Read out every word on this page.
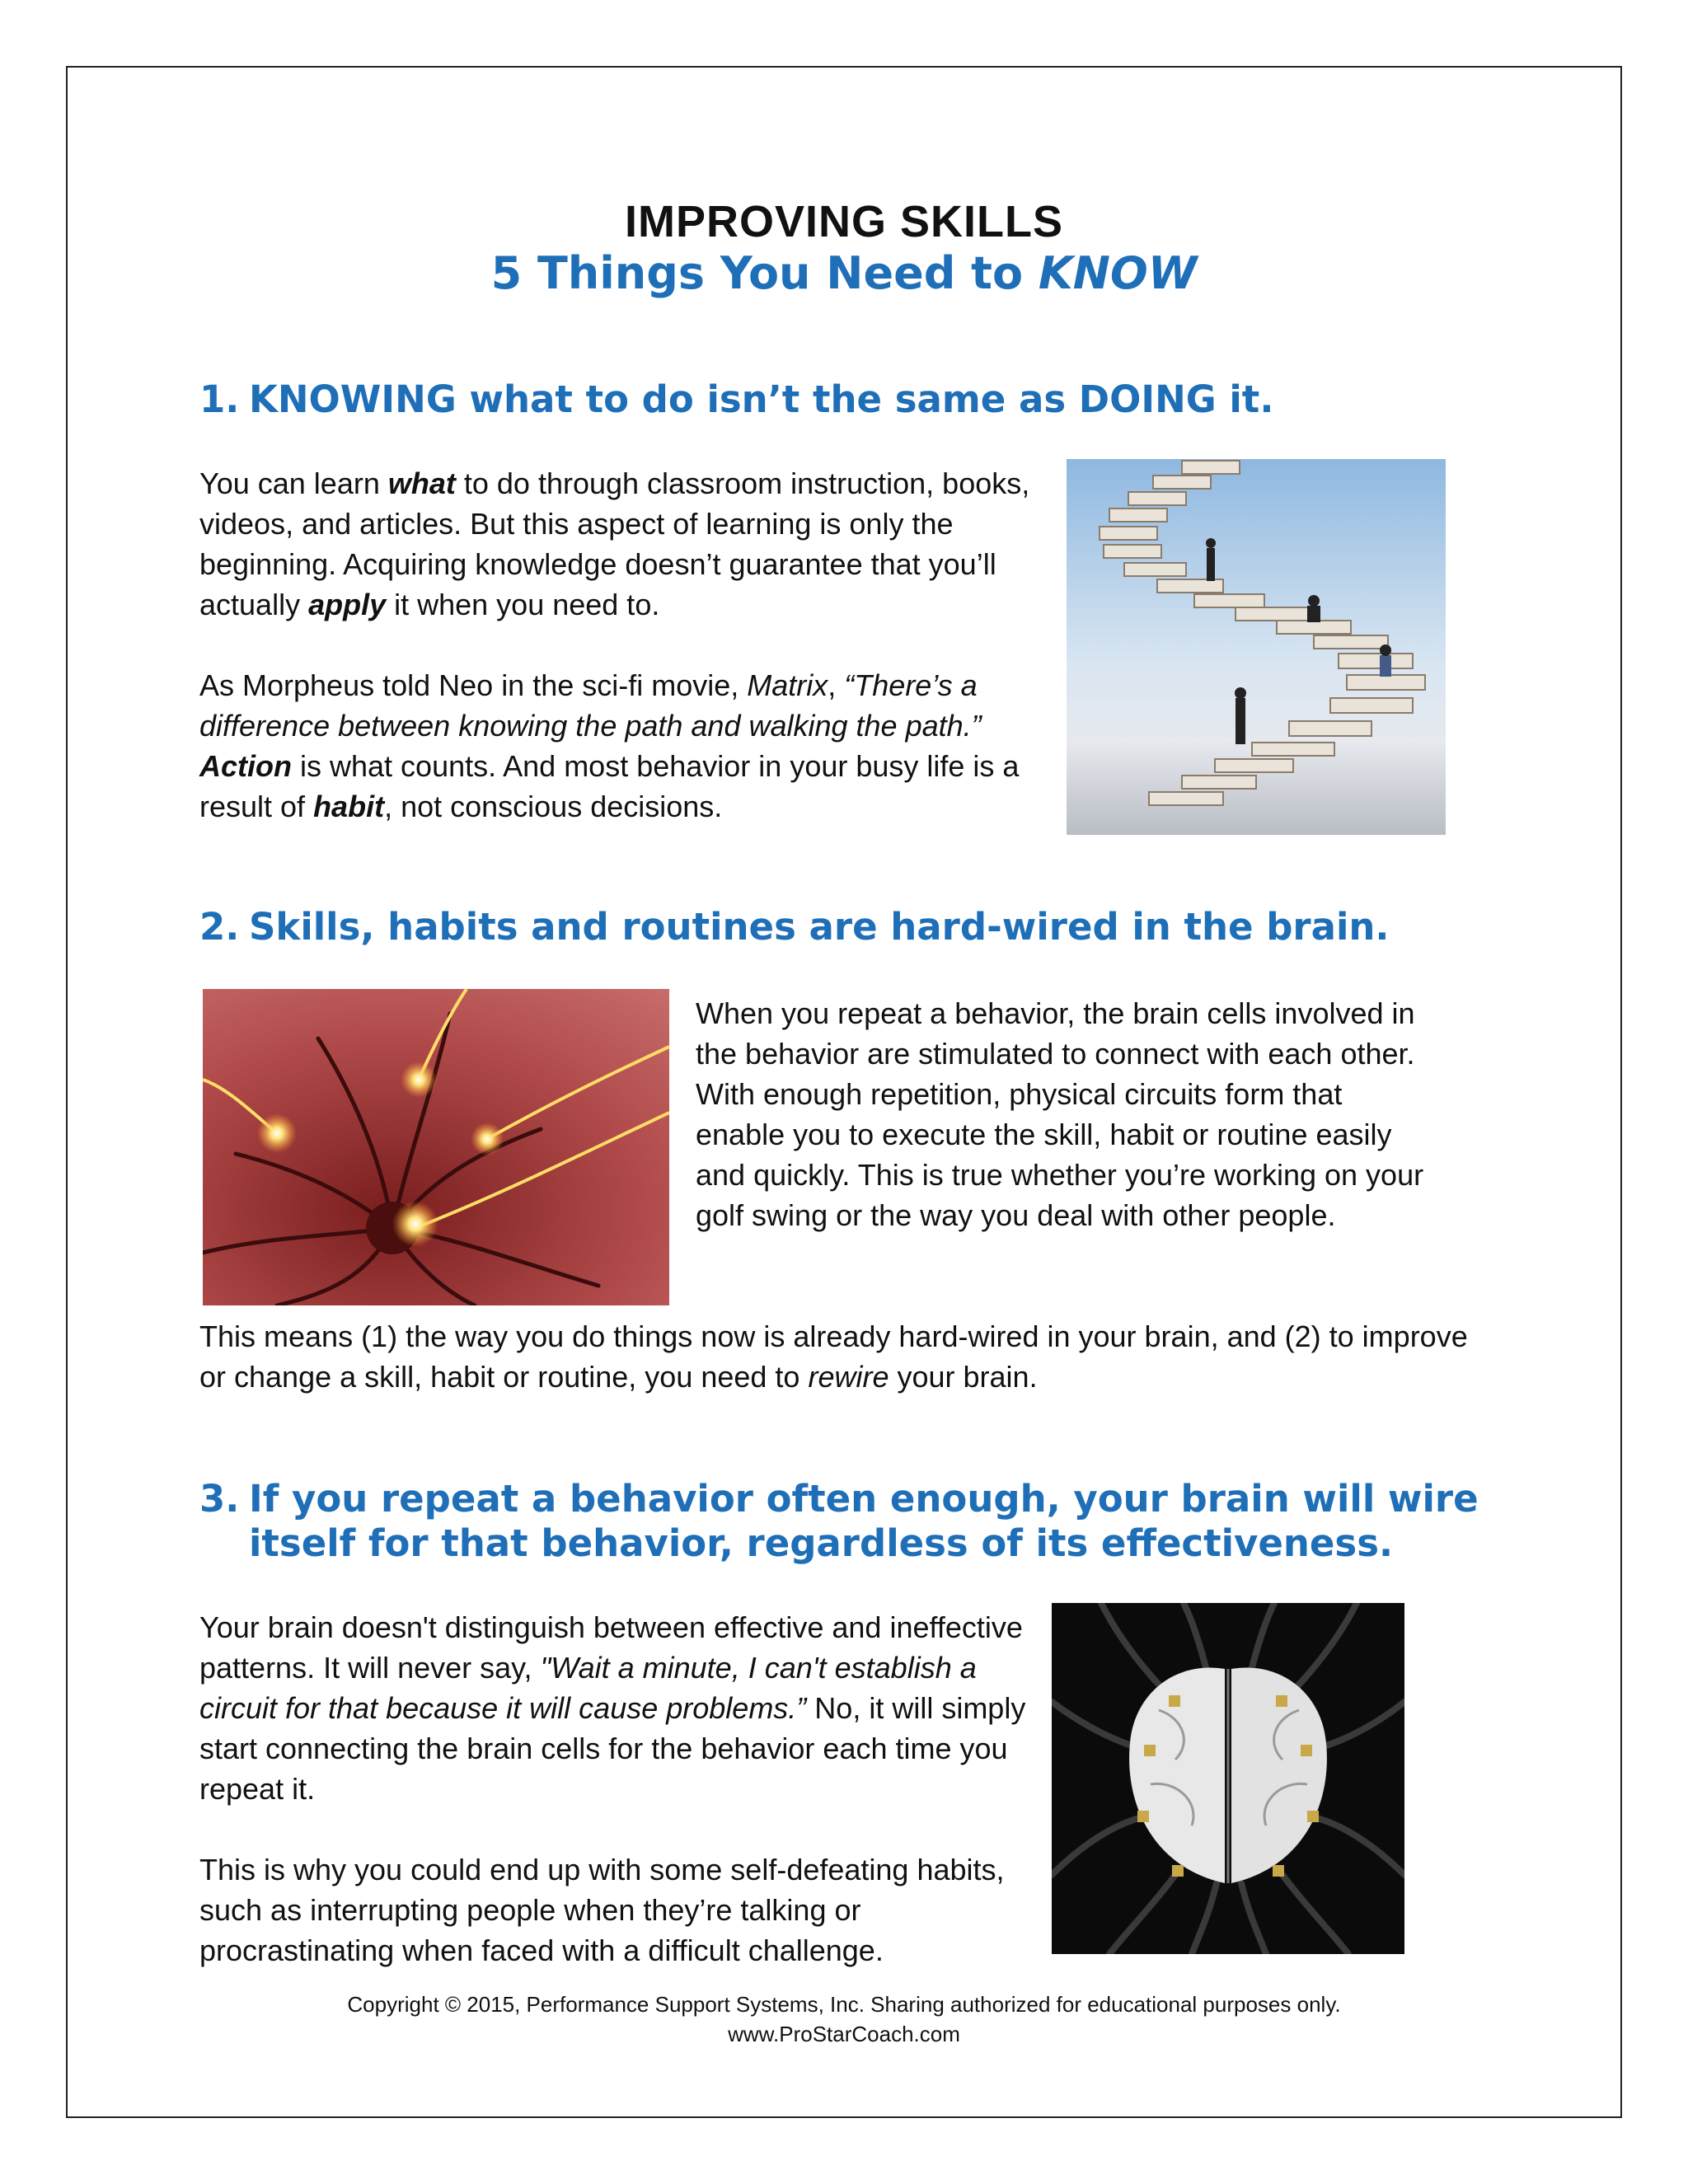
IMPROVING SKILLS
5 Things You Need to KNOW
1. KNOWING what to do isn’t the same as DOING it.

You can learn what to do through classroom instruction, books, videos, and articles. But this aspect of learning is only the beginning. Acquiring knowledge doesn’t guarantee that you’ll actually apply it when you need to.

As Morpheus told Neo in the sci-fi movie, Matrix, “There’s a difference between knowing the path and walking the path.”
Action is what counts. And most behavior in your busy life is a result of habit, not conscious decisions.

2. Skills, habits and routines are hard-wired in the brain.

When you repeat a behavior, the brain cells involved in the behavior are stimulated to connect with each other. With enough repetition, physical circuits form that enable you to execute the skill, habit or routine easily and quickly. This is true whether you’re working on your golf swing or the way you deal with other people.

This means (1) the way you do things now is already hard-wired in your brain, and (2) to improve or change a skill, habit or routine, you need to rewire your brain.

3. If you repeat a behavior often enough, your brain will wire
itself for that behavior, regardless of its effectiveness.

Your brain doesn't distinguish between effective and ineffective patterns. It will never say, "Wait a minute, I can't establish a circuit for that because it will cause problems.” No, it will simply start connecting the brain cells for the behavior each time you repeat it.

This is why you could end up with some self-defeating habits, such as interrupting people when they’re talking or procrastinating when faced with a difficult challenge.

Copyright © 2015, Performance Support Systems, Inc. Sharing authorized for educational purposes only.
www.ProStarCoach.com
